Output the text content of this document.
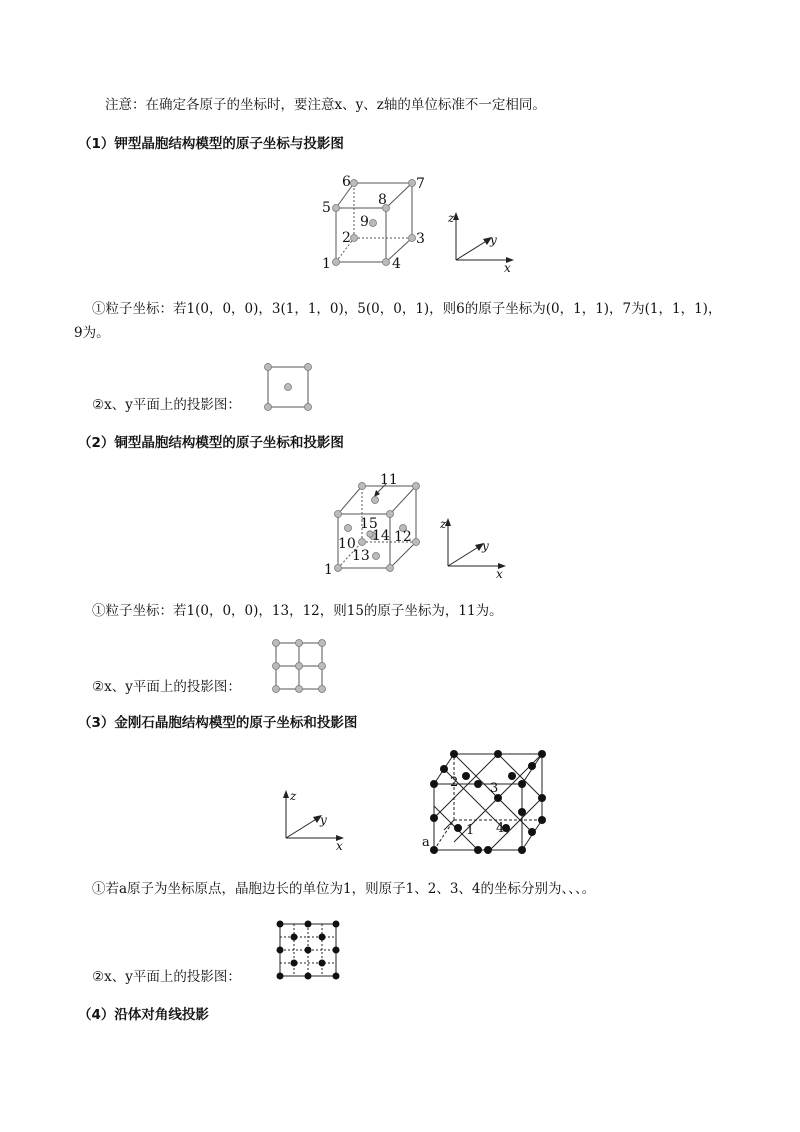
注意：在确定各原子的坐标时，要注意x、y、z轴的单位标准不一定相同。
（1）钾型晶胞结构模型的原子坐标与投影图
1
2	3
4
5
6	7
8
9	z
y
x
①粒子坐标：若1(0，0，0)，3(1，1，0)，5(0，0，1)，则6的原子坐标为(0，1，1)，7为(1，1，1)，
9为。
②x、y平面上的投影图：
（2）铜型晶胞结构模型的原子坐标和投影图
1
10
11
12
13
14
15	z
y
x
①粒子坐标：若1(0，0，0)，13，12，则15的原子坐标为，11为。
②x、y平面上的投影图：
（3）金刚石晶胞结构模型的原子坐标和投影图
z
y
x	a
1
2 3
4
①若a原子为坐标原点，晶胞边长的单位为1，则原子1、2、3、4的坐标分别为、、、。
②x、y平面上的投影图：
（4）沿体对角线投影
